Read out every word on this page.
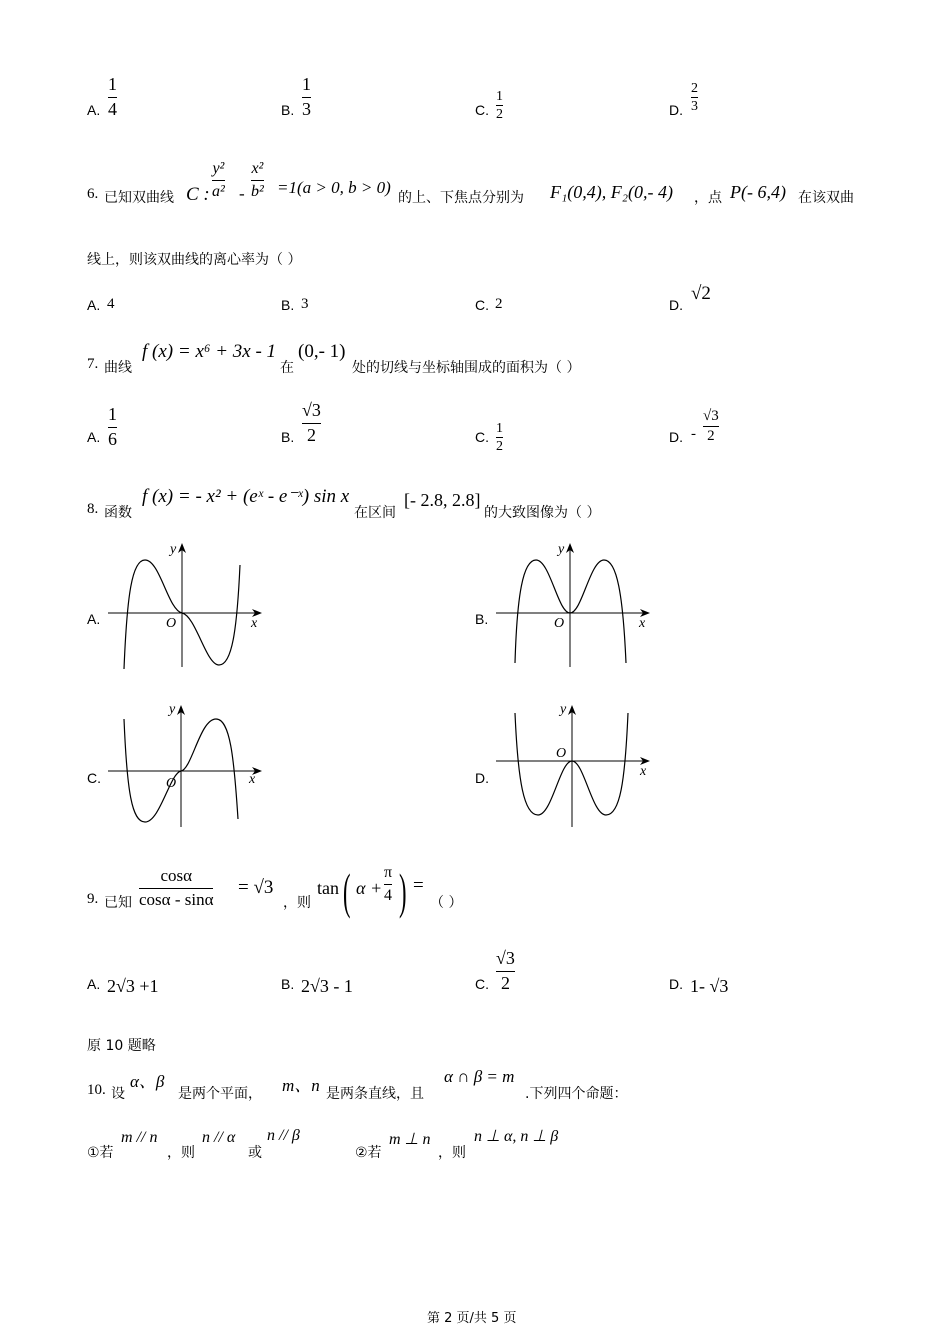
A.
1
4	B.
1
3	C.
1
2	D.
2
3
6. 已知双曲线 C :
y²
a² -
x²
b² =1(a > 0, b > 0)
的上、下焦点分别为 F₁(0,4), F₂(0,- 4) ，点 P(- 6,4) 在该双曲
线上，则该双曲线的离心率为（ ）
A. 4	B. 3	C. 2	D.
√2
7. 曲线
f (x) = x⁶ + 3x - 1
在
(0,- 1)
处的切线与坐标轴围成的面积为（ ）
A.
1
6	B.
√3
2	C.
1
2
D. -
√3
2
8. 函数
f (x) = - x² + (eˣ - e⁻ˣ) sin x
在区间
[- 2.8, 2.8]
的大致图像为（ ）
A.
y
x
O	B.
y
x
O
C.
y
x
O	D.
y
x
O
9. 已知
cosα
cosα - sinα
= √3
，则
tan ( α +
π
4 ) =
（ ）
A. 2√3 +1	B. 2√3 - 1	C.
√3
2	D. 1- √3
原 10 题略
10. 设
α、β
是两个平面， m、n 是两条直线，且
α ∩ β = m
.下列四个命题：
①若
m // n
，则
n // α
或
n // β
②若
m ⊥ n
，则
n ⊥ α, n ⊥ β
第 2 页/共 5 页
